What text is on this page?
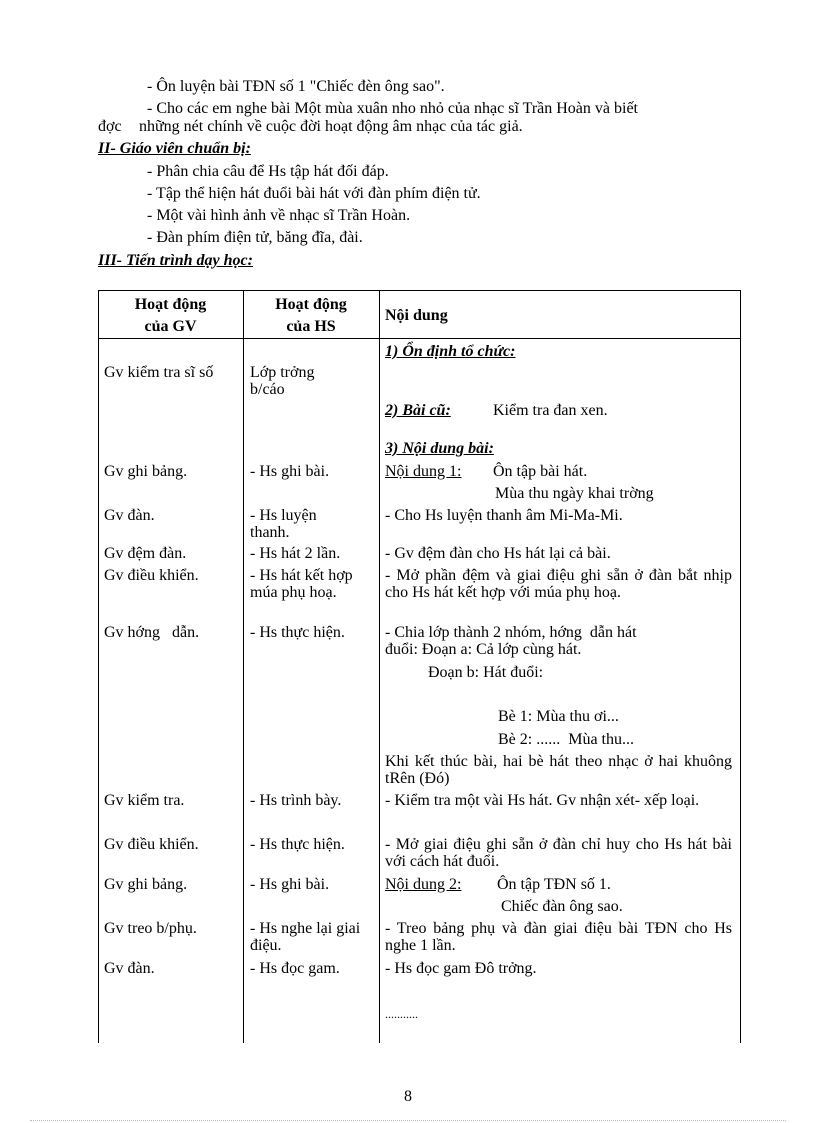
- Ôn luyện bài TĐN số 1 "Chiếc đèn ông sao".
- Cho các em nghe bài Một mùa xuân nho nhỏ của nhạc sĩ Trần Hoàn và biết
đợc những nét chính về cuộc đời hoạt động âm nhạc của tác giả.
II- Giáo viên chuẩn bị:
- Phân chia câu để Hs tập hát đối đáp.
- Tập thể hiện hát đuổi bài hát với đàn phím điện tử.
- Một vài hình ảnh về nhạc sĩ Trần Hoàn.
- Đàn phím điện tử, băng đĩa, đài.
III- Tiến trình dạy học:
Hoạt động
của GV
Hoạt động
của HS
Nội dung
Gv kiểm tra sĩ số
Gv ghi bảng.
Gv đàn.
Gv đệm đàn.
Gv điều khiển.
Gv hớng   dẫn.
Gv kiểm tra.
Gv điều khiển.
Gv ghi bảng.
Gv treo b/phụ.
Gv đàn.
Lớp trởng b/cáo
- Hs ghi bài.
- Hs luyện thanh.
- Hs hát 2 lần.
- Hs hát kết hợp múa phụ hoạ.
- Hs thực hiện.
- Hs trình bày.
- Hs thực hiện.
- Hs ghi bài.
- Hs nghe lại giai điệu.
- Hs đọc gam.
1) Ổn định tổ chức:
2) Bài cũ:	Kiểm tra đan xen.
3) Nội dung bài:
Nội dung 1: Ôn tập bài hát.
Mùa thu ngày khai trờng
- Cho Hs luyện thanh âm Mi-Ma-Mi.
- Gv đệm đàn cho Hs hát lại cả bài.
- Mở phần đệm và giai điệu ghi sẵn ở đàn bắt nhịp cho Hs hát kết hợp với múa phụ hoạ.
- Chia lớp thành 2 nhóm, hớng  dẫn hát
đuổi: Đoạn a: Cả lớp cùng hát.
Đoạn b: Hát đuổi:
Bè 1: Mùa thu ơi...
Bè 2: ......  Mùa thu...
Khi kết thúc bài, hai bè hát theo nhạc ở hai khuông tRên (Đó)
- Kiểm tra một vài Hs hát. Gv nhận xét- xếp loại.
- Mở giai điệu ghi sẵn ở đàn chỉ huy cho Hs hát bài với cách hát đuổi.
Nội dung 2: Ôn tập TĐN số 1.
Chiếc đàn ông sao.
- Treo bảng phụ và đàn giai điệu bài TĐN cho Hs nghe 1 lần.
- Hs đọc gam Đô trởng.
...........
8
